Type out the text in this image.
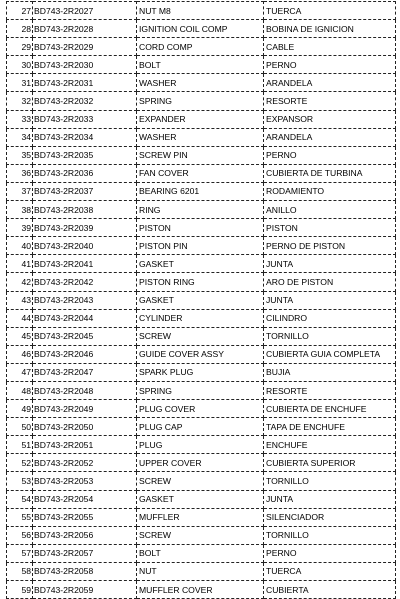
27	BD743-2R2027	NUT M8	TUERCA
28	BD743-2R2028	IGNITION COIL COMP	BOBINA DE IGNICION
29	BD743-2R2029	CORD COMP	CABLE
30	BD743-2R2030	BOLT	PERNO
31	BD743-2R2031	WASHER	ARANDELA
32	BD743-2R2032	SPRING	RESORTE
33	BD743-2R2033	EXPANDER	EXPANSOR
34	BD743-2R2034	WASHER	ARANDELA
35	BD743-2R2035	SCREW PIN	PERNO
36	BD743-2R2036	FAN COVER	CUBIERTA DE TURBINA
37	BD743-2R2037	BEARING 6201	RODAMIENTO
38	BD743-2R2038	RING	ANILLO
39	BD743-2R2039	PISTON	PISTON
40	BD743-2R2040	PISTON PIN	PERNO DE PISTON
41	BD743-2R2041	GASKET	JUNTA
42	BD743-2R2042	PISTON RING	ARO DE PISTON
43	BD743-2R2043	GASKET	JUNTA
44	BD743-2R2044	CYLINDER	CILINDRO
45	BD743-2R2045	SCREW	TORNILLO
46	BD743-2R2046	GUIDE COVER ASSY	CUBIERTA GUIA COMPLETA
47	BD743-2R2047	SPARK PLUG	BUJIA
48	BD743-2R2048	SPRING	RESORTE
49	BD743-2R2049	PLUG COVER	CUBIERTA DE ENCHUFE
50	BD743-2R2050	PLUG CAP	TAPA DE ENCHUFE
51	BD743-2R2051	PLUG	ENCHUFE
52	BD743-2R2052	UPPER COVER	CUBIERTA SUPERIOR
53	BD743-2R2053	SCREW	TORNILLO
54	BD743-2R2054	GASKET	JUNTA
55	BD743-2R2055	MUFFLER	SILENCIADOR
56	BD743-2R2056	SCREW	TORNILLO
57	BD743-2R2057	BOLT	PERNO
58	BD743-2R2058	NUT	TUERCA
59	BD743-2R2059	MUFFLER COVER	CUBIERTA
